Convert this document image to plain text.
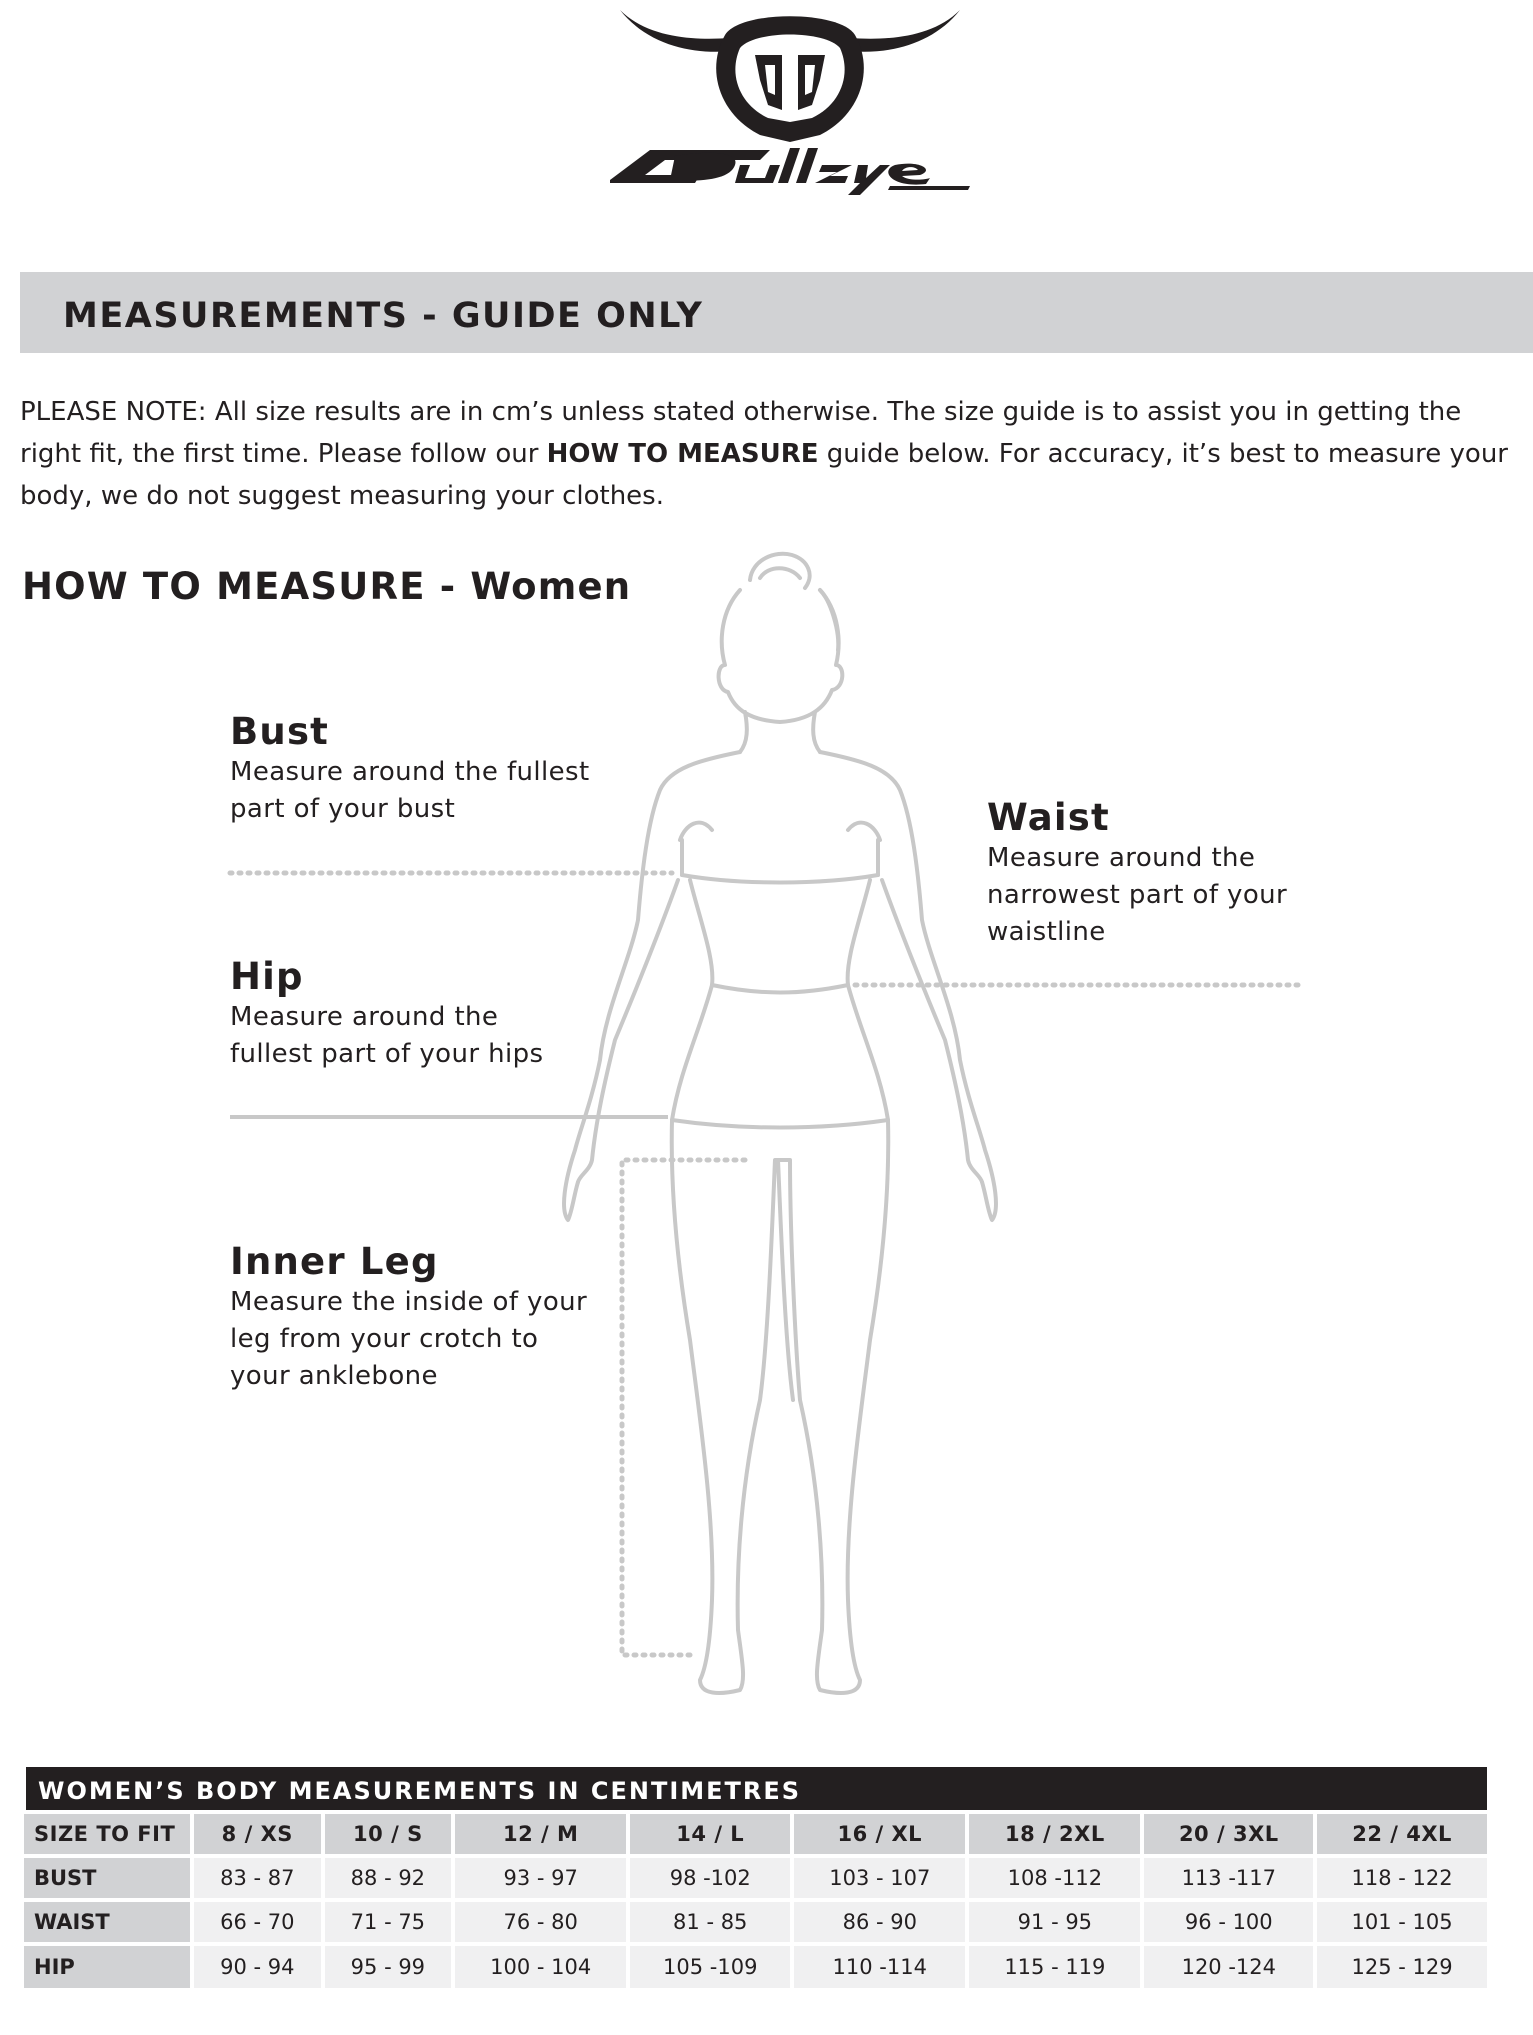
MEASUREMENTS - GUIDE ONLY

PLEASE NOTE: All size results are in cm’s unless stated otherwise. The size guide is to assist you in getting the right fit, the first time. Please follow our HOW TO MEASURE guide below. For accuracy, it’s best to measure your body, we do not suggest measuring your clothes.

HOW TO MEASURE - Women
Bust

Measure around the fullest

part of your bust	Waist

Measure around the

narrowest part of your

waistline

Hip

Measure around the

fullest part of your hips

Inner Leg

Measure the inside of your

leg from your crotch to

your anklebone

WOMEN’S BODY MEASUREMENTS IN CENTIMETRES								
SIZE TO FIT	8 / XS	10 / S	12 / M	14 / L	16 / XL	18 / 2XL	20 / 3XL	22 / 4XL
BUST	83 - 87	88 - 92	93 - 97	98 -102	103 - 107	108 -112	113 -117	118 - 122
WAIST	66 - 70	71 - 75	76 - 80	81 - 85	86 - 90	91 - 95	96 - 100	101 - 105
HIP	90 - 94	95 - 99	100 - 104	105 -109	110 -114	115 - 119	120 -124	125 - 129
